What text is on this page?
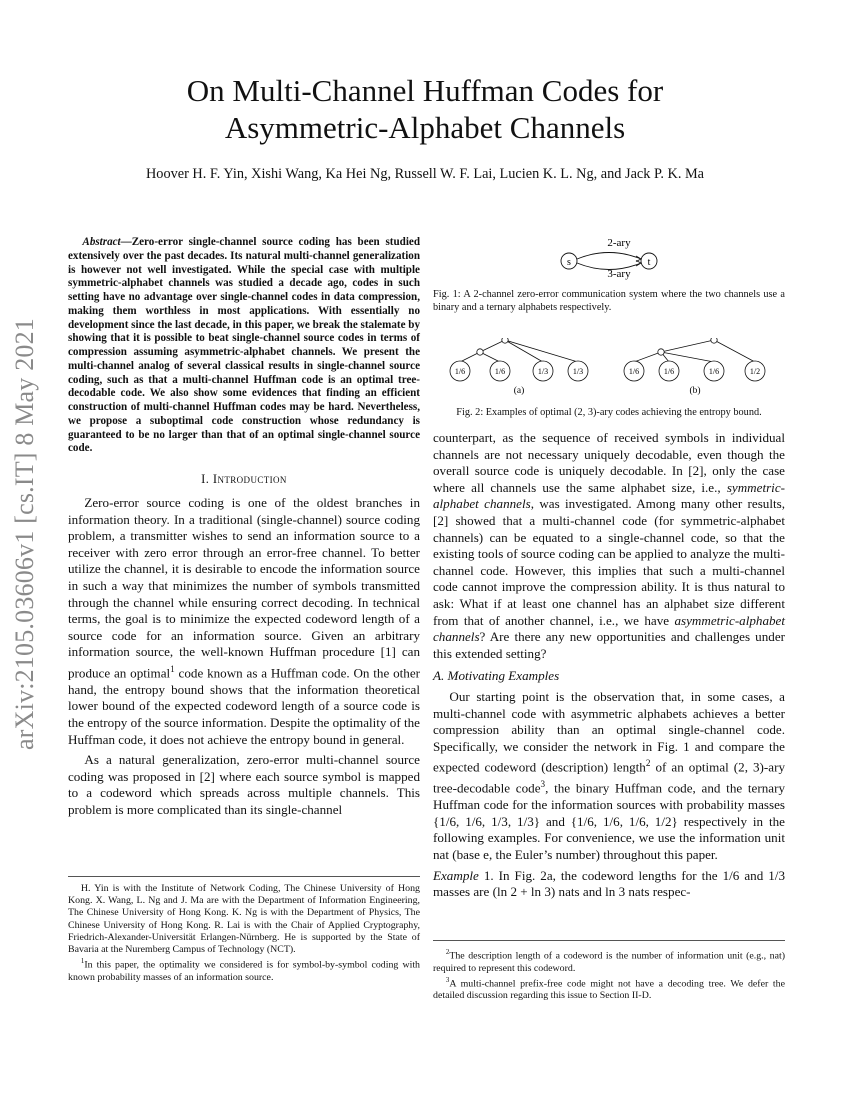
arXiv:2105.03606v1 [cs.IT] 8 May 2021
On Multi-Channel Huffman Codes for
Asymmetric-Alphabet Channels
Hoover H. F. Yin, Xishi Wang, Ka Hei Ng, Russell W. F. Lai, Lucien K. L. Ng, and Jack P. K. Ma

Abstract—Zero-error single-channel source coding has been studied extensively over the past decades. Its natural multi-channel generalization is however not well investigated. While the special case with multiple symmetric-alphabet channels was studied a decade ago, codes in such setting have no advantage over single-channel codes in data compression, making them worthless in most applications. With essentially no development since the last decade, in this paper, we break the stalemate by showing that it is possible to beat single-channel source codes in terms of compression assuming asymmetric-alphabet channels. We present the multi-channel analog of several classical results in single-channel source coding, such as that a multi-channel Huffman code is an optimal tree-decodable code. We also show some evidences that finding an efficient construction of multi-channel Huffman codes may be hard. Nevertheless, we propose a suboptimal code construction whose redundancy is guaranteed to be no larger than that of an optimal single-channel source code.

I. Introduction

Zero-error source coding is one of the oldest branches in information theory. In a traditional (single-channel) source coding problem, a transmitter wishes to send an information source to a receiver with zero error through an error-free channel. To better utilize the channel, it is desirable to encode the information source in such a way that minimizes the number of symbols transmitted through the channel while ensuring correct decoding. In technical terms, the goal is to minimize the expected codeword length of a source code for an information source. Given an arbitrary information source, the well-known Huffman procedure [1] can produce an optimal$^1$ code known as a Huffman code. On the other hand, the entropy bound shows that the information theoretical lower bound of the expected codeword length of a source code is the entropy of the source information. Despite the optimality of the Huffman code, it does not achieve the entropy bound in general.

As a natural generalization, zero-error multi-channel source coding was proposed in [2] where each source symbol is mapped to a codeword which spreads across multiple channels. This problem is more complicated than its single-channel

H. Yin is with the Institute of Network Coding, The Chinese University of Hong Kong. X. Wang, L. Ng and J. Ma are with the Department of Information Engineering, The Chinese University of Hong Kong. K. Ng is with the Department of Physics, The Chinese University of Hong Kong. R. Lai is with the Chair of Applied Cryptography, Friedrich-Alexander-Universität Erlangen-Nürnberg. He is supported by the State of Bavaria at the Nuremberg Campus of Technology (NCT).

$^1$In this paper, the optimality we considered is for symbol-by-symbol coding with known probability masses of an information source.

2-ary
3-ary
s	t

Fig. 1: A 2-channel zero-error communication system where the two channels use a binary and a ternary alphabets respectively.

1/6	1/6	1/3	1/3
(a)
1/6	1/6	1/6	1/2
(b)

Fig. 2: Examples of optimal (2, 3)-ary codes achieving the entropy bound.

counterpart, as the sequence of received symbols in individual channels are not necessary uniquely decodable, even though the overall source code is uniquely decodable. In [2], only the case where all channels use the same alphabet size, i.e., symmetric-alphabet channels, was investigated. Among many other results, [2] showed that a multi-channel code (for symmetric-alphabet channels) can be equated to a single-channel code, so that the existing tools of source coding can be applied to analyze the multi-channel code. However, this implies that such a multi-channel code cannot improve the compression ability. It is thus natural to ask: What if at least one channel has an alphabet size different from that of another channel, i.e., we have asymmetric-alphabet channels? Are there any new opportunities and challenges under this extended setting?

A. Motivating Examples

Our starting point is the observation that, in some cases, a multi-channel code with asymmetric alphabets achieves a better compression ability than an optimal single-channel code. Specifically, we consider the network in Fig. 1 and compare the expected codeword (description) length$^2$ of an optimal (2, 3)-ary tree-decodable code$^3$, the binary Huffman code, and the ternary Huffman code for the information sources with probability masses {1/6, 1/6, 1/3, 1/3} and {1/6, 1/6, 1/6, 1/2} respectively in the following examples. For convenience, we use the information unit nat (base e, the Euler’s number) throughout this paper.

Example 1. In Fig. 2a, the codeword lengths for the 1/6 and 1/3 masses are (ln 2 + ln 3) nats and ln 3 nats respec-

$^2$The description length of a codeword is the number of information unit (e.g., nat) required to represent this codeword.

$^3$A multi-channel prefix-free code might not have a decoding tree. We defer the detailed discussion regarding this issue to Section II-D.
